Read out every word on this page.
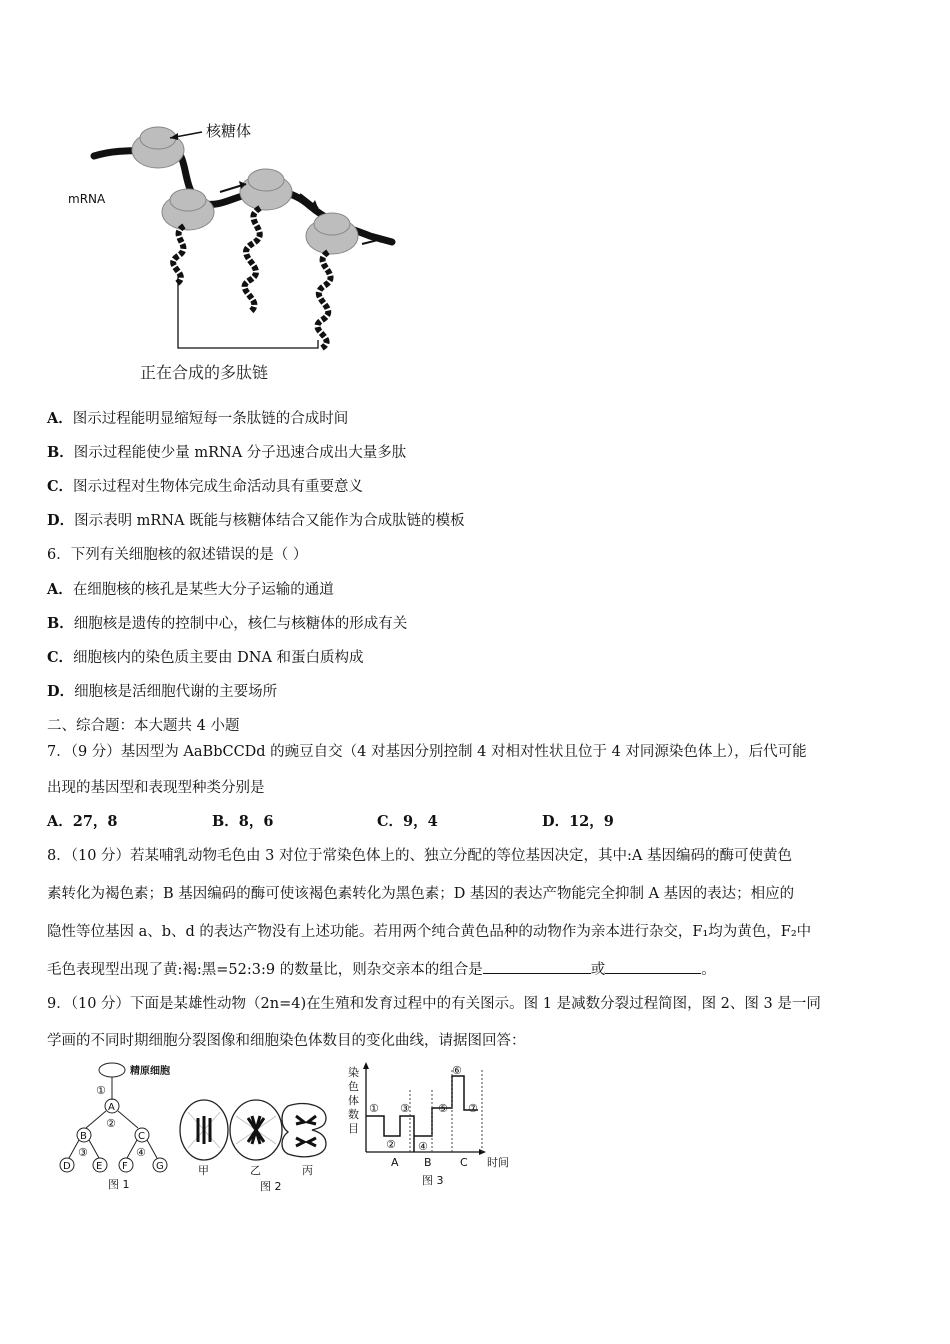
核糖体
mRNA
正在合成的多肽链
A．图示过程能明显缩短每一条肽链的合成时间
B．图示过程能使少量 mRNA 分子迅速合成出大量多肽
C．图示过程对生物体完成生命活动具有重要意义
D．图示表明 mRNA 既能与核糖体结合又能作为合成肽链的模板
6．下列有关细胞核的叙述错误的是（ ）
A．在细胞核的核孔是某些大分子运输的通道
B．细胞核是遗传的控制中心，核仁与核糖体的形成有关
C．细胞核内的染色质主要由 DNA 和蛋白质构成
D．细胞核是活细胞代谢的主要场所
二、综合题：本大题共 4 小题
7．（9 分）基因型为 AaBbCCDd 的豌豆自交（4 对基因分别控制 4 对相对性状且位于 4 对同源染色体上），后代可能
出现的基因型和表现型种类分别是
A．27，8	B．8，6	C．9，4	D．12，9
8．（10 分）若某哺乳动物毛色由 3 对位于常染色体上的、独立分配的等位基因决定，其中:A 基因编码的酶可使黄色
素转化为褐色素；B 基因编码的酶可使该褐色素转化为黑色素；D 基因的表达产物能完全抑制 A 基因的表达；相应的
隐性等位基因 a、b、d 的表达产物没有上述功能。若用两个纯合黄色品种的动物作为亲本进行杂交，F₁均为黄色，F₂中
毛色表现型出现了黄:褐:黑=52:3:9 的数量比，则杂交亲本的组合是	或	。
9．（10 分）下面是某雄性动物（2n=4)在生殖和发育过程中的有关图示。图 1 是减数分裂过程简图，图 2、图 3 是一同
学画的不同时期细胞分裂图像和细胞染色体数目的变化曲线，请据图回答：
精原细胞
①
A
②
B	C
③	④
D	E F	G
图 1
甲	乙	丙
图 2
染
色
体
数
目
时间
①
②
③
④
⑤
⑥
⑦
A B	C
图 3
